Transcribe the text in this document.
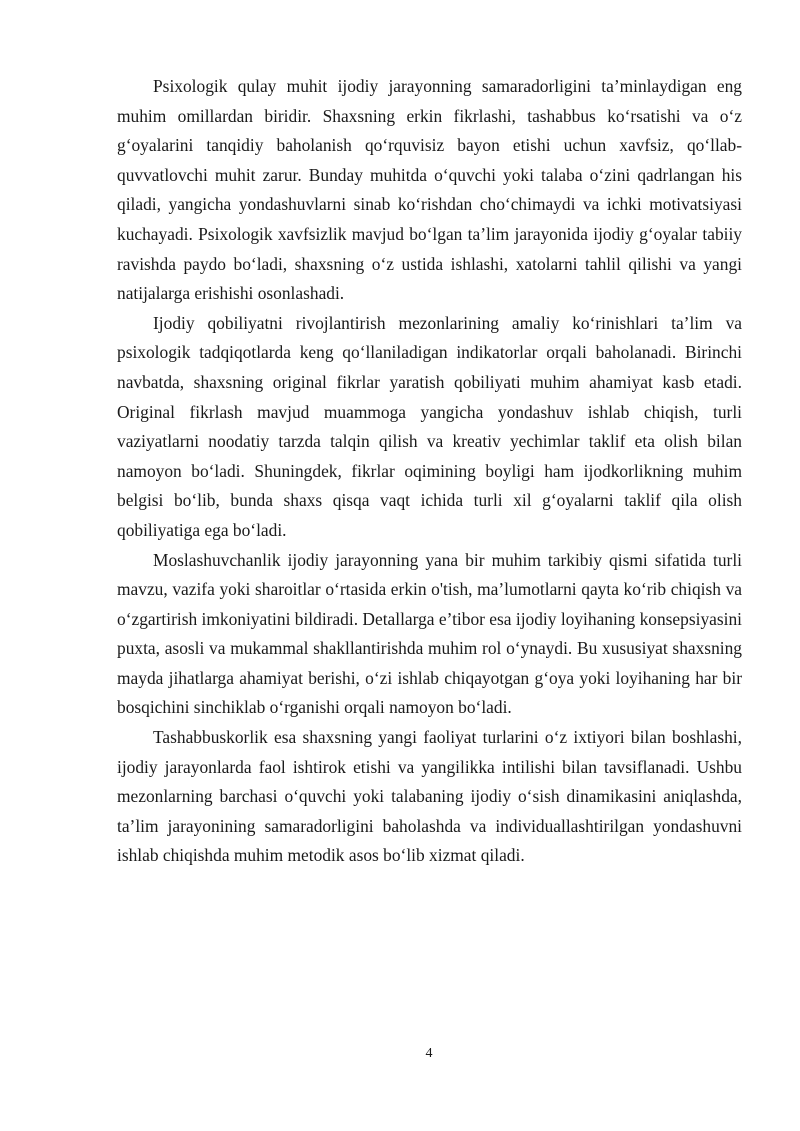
Psixologik qulay muhit ijodiy jarayonning samaradorligini ta’minlaydigan eng muhim omillardan biridir. Shaxsning erkin fikrlashi, tashabbus ko‘rsatishi va o‘z g‘oyalarini tanqidiy baholanish qo‘rquvisiz bayon etishi uchun xavfsiz, qo‘llab-quvvatlovchi muhit zarur. Bunday muhitda o‘quvchi yoki talaba o‘zini qadrlangan his qiladi, yangicha yondashuvlarni sinab ko‘rishdan cho‘chimaydi va ichki motivatsiyasi kuchayadi. Psixologik xavfsizlik mavjud bo‘lgan ta’lim jarayonida ijodiy g‘oyalar tabiiy ravishda paydo bo‘ladi, shaxsning o‘z ustida ishlashi, xatolarni tahlil qilishi va yangi natijalarga erishishi osonlashadi.

Ijodiy qobiliyatni rivojlantirish mezonlarining amaliy ko‘rinishlari ta’lim va psixologik tadqiqotlarda keng qo‘llaniladigan indikatorlar orqali baholanadi. Birinchi navbatda, shaxsning original fikrlar yaratish qobiliyati muhim ahamiyat kasb etadi. Original fikrlash mavjud muammoga yangicha yondashuv ishlab chiqish, turli vaziyatlarni noodatiy tarzda talqin qilish va kreativ yechimlar taklif eta olish bilan namoyon bo‘ladi. Shuningdek, fikrlar oqimining boyligi ham ijodkorlikning muhim belgisi bo‘lib, bunda shaxs qisqa vaqt ichida turli xil g‘oyalarni taklif qila olish qobiliyatiga ega bo‘ladi.

Moslashuvchanlik ijodiy jarayonning yana bir muhim tarkibiy qismi sifatida turli mavzu, vazifa yoki sharoitlar o‘rtasida erkin o'tish, ma’lumotlarni qayta ko‘rib chiqish va o‘zgartirish imkoniyatini bildiradi. Detallarga e’tibor esa ijodiy loyihaning konsepsiyasini puxta, asosli va mukammal shakllantirishda muhim rol o‘ynaydi. Bu xususiyat shaxsning mayda jihatlarga ahamiyat berishi, o‘zi ishlab chiqayotgan g‘oya yoki loyihaning har bir bosqichini sinchiklab o‘rganishi orqali namoyon bo‘ladi.

Tashabbuskorlik esa shaxsning yangi faoliyat turlarini o‘z ixtiyori bilan boshlashi, ijodiy jarayonlarda faol ishtirok etishi va yangilikka intilishi bilan tavsiflanadi. Ushbu mezonlarning barchasi o‘quvchi yoki talabaning ijodiy o‘sish dinamikasini aniqlashda, ta’lim jarayonining samaradorligini baholashda va individuallashtirilgan yondashuvni ishlab chiqishda muhim metodik asos bo‘lib xizmat qiladi.

4
